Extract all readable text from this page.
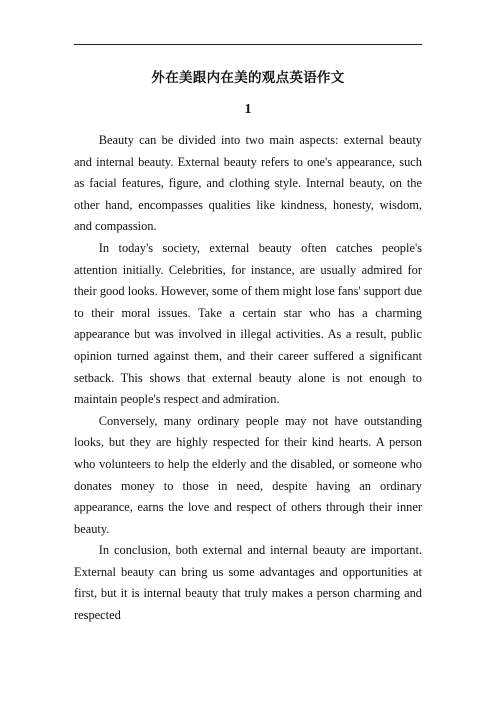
外在美跟内在美的观点英语作文
1

Beauty can be divided into two main aspects: external beauty and internal beauty. External beauty refers to one's appearance, such as facial features, figure, and clothing style. Internal beauty, on the other hand, encompasses qualities like kindness, honesty, wisdom, and compassion.

In today's society, external beauty often catches people's attention initially. Celebrities, for instance, are usually admired for their good looks. However, some of them might lose fans' support due to their moral issues. Take a certain star who has a charming appearance but was involved in illegal activities. As a result, public opinion turned against them, and their career suffered a significant setback. This shows that external beauty alone is not enough to maintain people's respect and admiration.

Conversely, many ordinary people may not have outstanding looks, but they are highly respected for their kind hearts. A person who volunteers to help the elderly and the disabled, or someone who donates money to those in need, despite having an ordinary appearance, earns the love and respect of others through their inner beauty.

In conclusion, both external and internal beauty are important. External beauty can bring us some advantages and opportunities at first, but it is internal beauty that truly makes a person charming and respected
